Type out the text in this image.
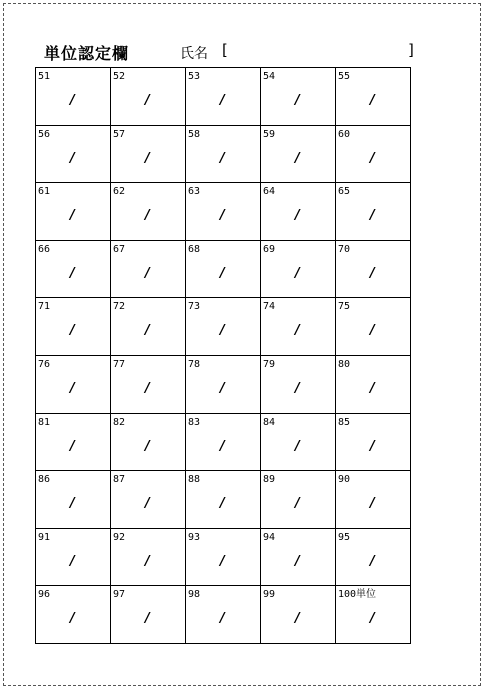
単位認定欄	氏名 [	]
51
/
52
/
53
/
54
/
55
/
56
/
57
/
58
/
59
/
60
/
61
/
62
/
63
/
64
/
65
/
66
/
67
/
68
/
69
/
70
/
71
/
72
/
73
/
74
/
75
/
76
/
77
/
78
/
79
/
80
/
81
/
82
/
83
/
84
/
85
/
86
/
87
/
88
/
89
/
90
/
91
/
92
/
93
/
94
/
95
/
96
/
97
/
98
/
99
/
100単位
/
